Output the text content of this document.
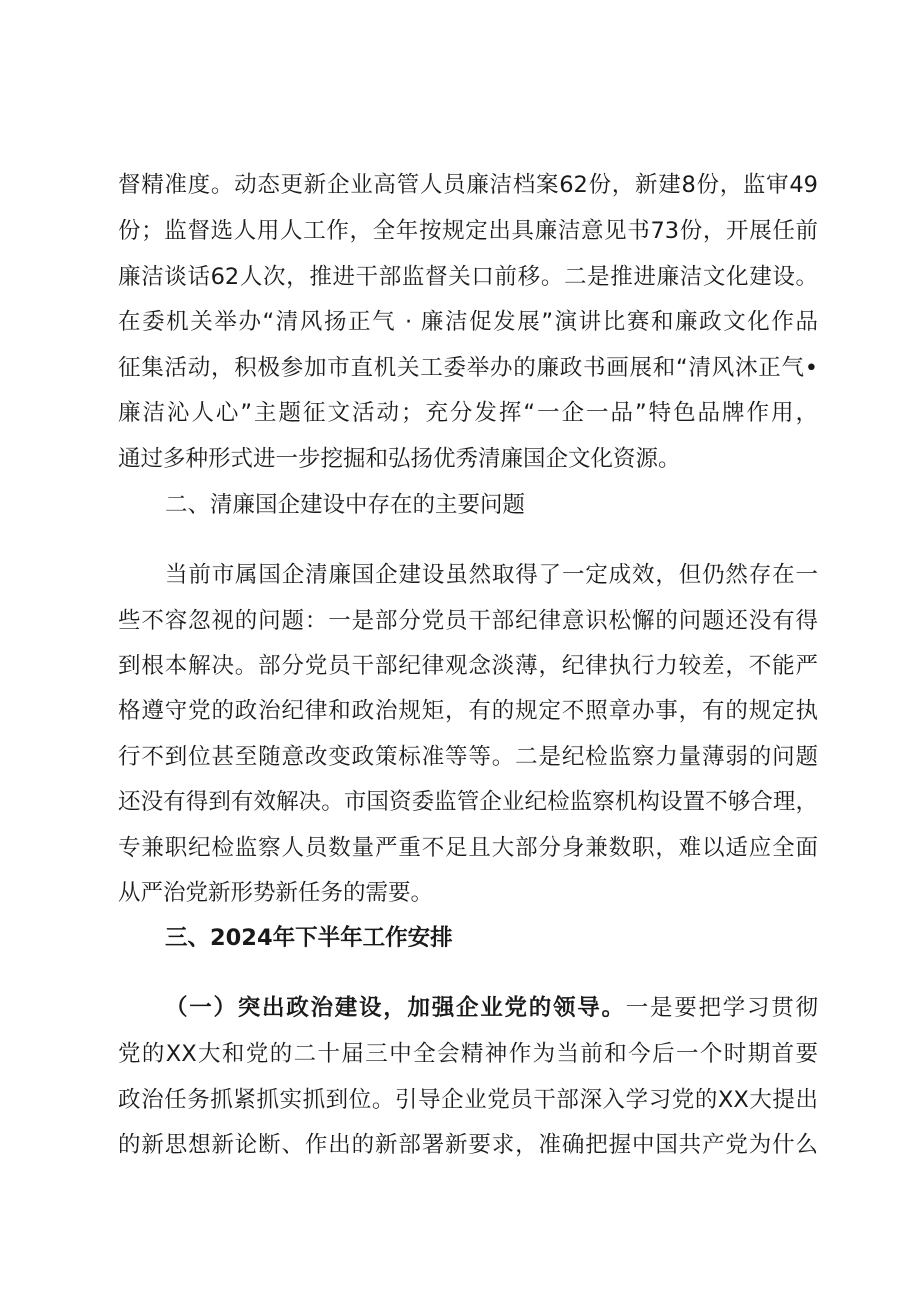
督精准度。动态更新企业高管人员廉洁档案62份，新建8份，监审49
份；监督选人用人工作，全年按规定出具廉洁意见书73份，开展任前
廉洁谈话62人次，推进干部监督关口前移。二是推进廉洁文化建设。
在委机关举办“清风扬正气 · 廉洁促发展”演讲比赛和廉政文化作品
征集活动，积极参加市直机关工委举办的廉政书画展和“清风沐正气•
廉洁沁人心”主题征文活动；充分发挥“一企一品”特色品牌作用，
通过多种形式进一步挖掘和弘扬优秀清廉国企文化资源。
二、清廉国企建设中存在的主要问题
当前市属国企清廉国企建设虽然取得了一定成效，但仍然存在一
些不容忽视的问题：一是部分党员干部纪律意识松懈的问题还没有得
到根本解决。部分党员干部纪律观念淡薄，纪律执行力较差，不能严
格遵守党的政治纪律和政治规矩，有的规定不照章办事，有的规定执
行不到位甚至随意改变政策标准等等。二是纪检监察力量薄弱的问题
还没有得到有效解决。市国资委监管企业纪检监察机构设置不够合理，
专兼职纪检监察人员数量严重不足且大部分身兼数职，难以适应全面
从严治党新形势新任务的需要。
三、2024年下半年工作安排
（一）突出政治建设，加强企业党的领导。一是要把学习贯彻
党的XX大和党的二十届三中全会精神作为当前和今后一个时期首要
政治任务抓紧抓实抓到位。引导企业党员干部深入学习党的XX大提出
的新思想新论断、作出的新部署新要求，准确把握中国共产党为什么
